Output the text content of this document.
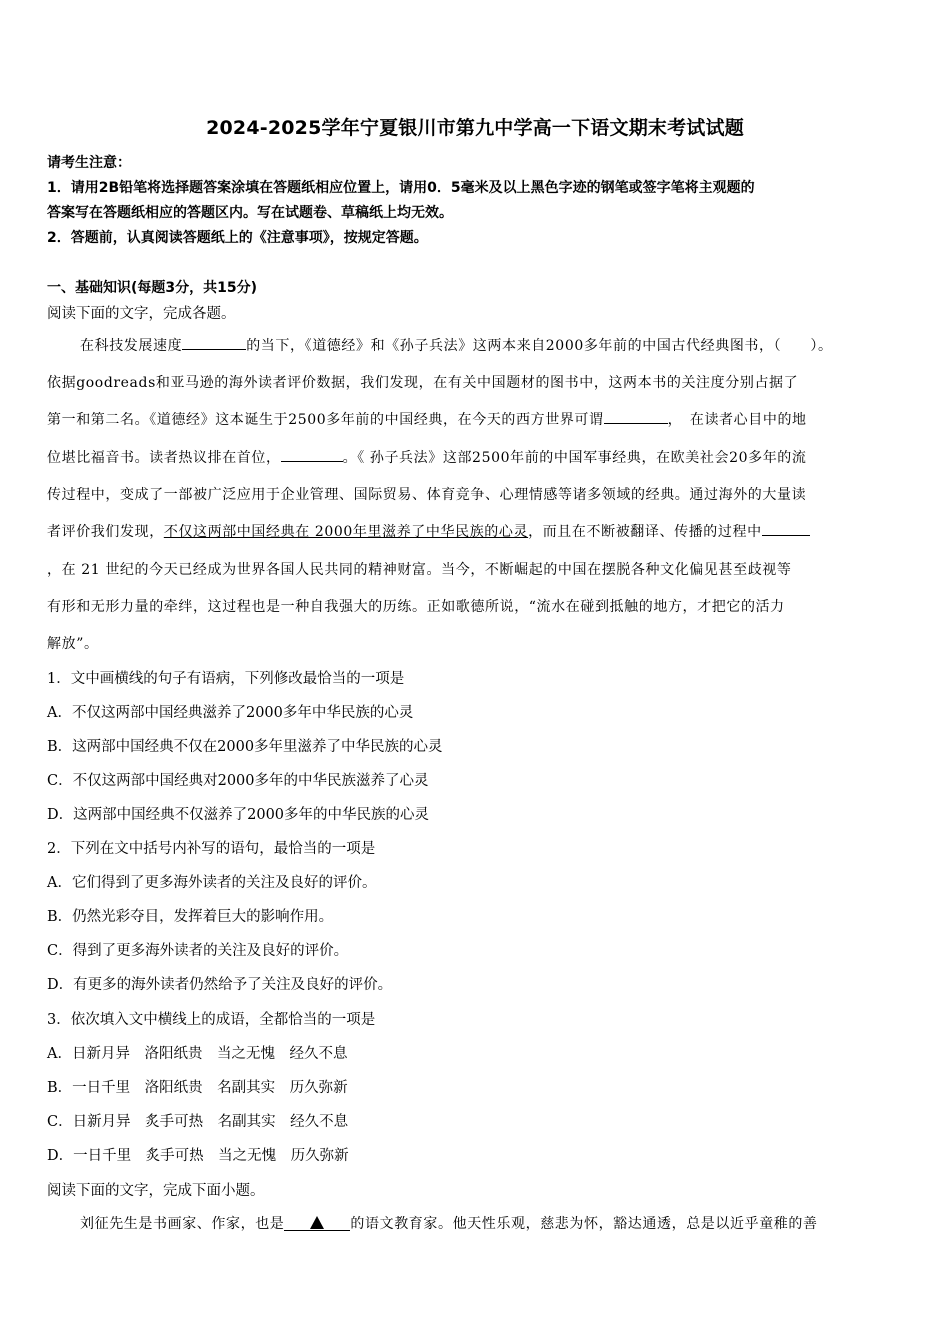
2024-2025学年宁夏银川市第九中学高一下语文期末考试试题
请考生注意：
1．请用2B铅笔将选择题答案涂填在答题纸相应位置上，请用0．5毫米及以上黑色字迹的钢笔或签字笔将主观题的
答案写在答题纸相应的答题区内。写在试题卷、草稿纸上均无效。
2．答题前，认真阅读答题纸上的《注意事项》，按规定答题。
一、基础知识(每题3分，共15分)
阅读下面的文字，完成各题。
在科技发展速度	的当下，《道德经》和《孙子兵法》这两本来自2000多年前的中国古代经典图书，（　　）。
依据goodreads和亚马逊的海外读者评价数据，我们发现，在有关中国题材的图书中，这两本书的关注度分别占据了
第一和第二名。《道德经》这本诞生于2500多年前的中国经典，在今天的西方世界可谓	，　在读者心目中的地
位堪比福音书。读者热议排在首位，	。《 孙子兵法》这部2500年前的中国军事经典，在欧美社会20多年的流
传过程中，变成了一部被广泛应用于企业管理、国际贸易、体育竞争、心理情感等诸多领域的经典。通过海外的大量读
者评价我们发现，不仅这两部中国经典在 2000年里滋养了中华民族的心灵，而且在不断被翻译、传播的过程中
，在 21 世纪的今天已经成为世界各国人民共同的精神财富。当今，不断崛起的中国在摆脱各种文化偏见甚至歧视等
有形和无形力量的牵绊，这过程也是一种自我强大的历练。正如歌德所说，“流水在碰到抵触的地方，才把它的活力
解放”。
1．文中画横线的句子有语病，下列修改最恰当的一项是
A．不仅这两部中国经典滋养了2000多年中华民族的心灵
B．这两部中国经典不仅在2000多年里滋养了中华民族的心灵
C．不仅这两部中国经典对2000多年的中华民族滋养了心灵
D．这两部中国经典不仅滋养了2000多年的中华民族的心灵
2．下列在文中括号内补写的语句，最恰当的一项是
A．它们得到了更多海外读者的关注及良好的评价。
B．仍然光彩夺目，发挥着巨大的影响作用。
C．得到了更多海外读者的关注及良好的评价。
D．有更多的海外读者仍然给予了关注及良好的评价。
3．依次填入文中横线上的成语，全都恰当的一项是
A．日新月异　洛阳纸贵　当之无愧　经久不息
B．一日千里　洛阳纸贵　名副其实　历久弥新
C．日新月异　炙手可热　名副其实　经久不息
D．一日千里　炙手可热　当之无愧　历久弥新
阅读下面的文字，完成下面小题。
刘征先生是书画家、作家，也是	的语文教育家。他天性乐观，慈悲为怀，豁达通透，总是以近乎童稚的善
